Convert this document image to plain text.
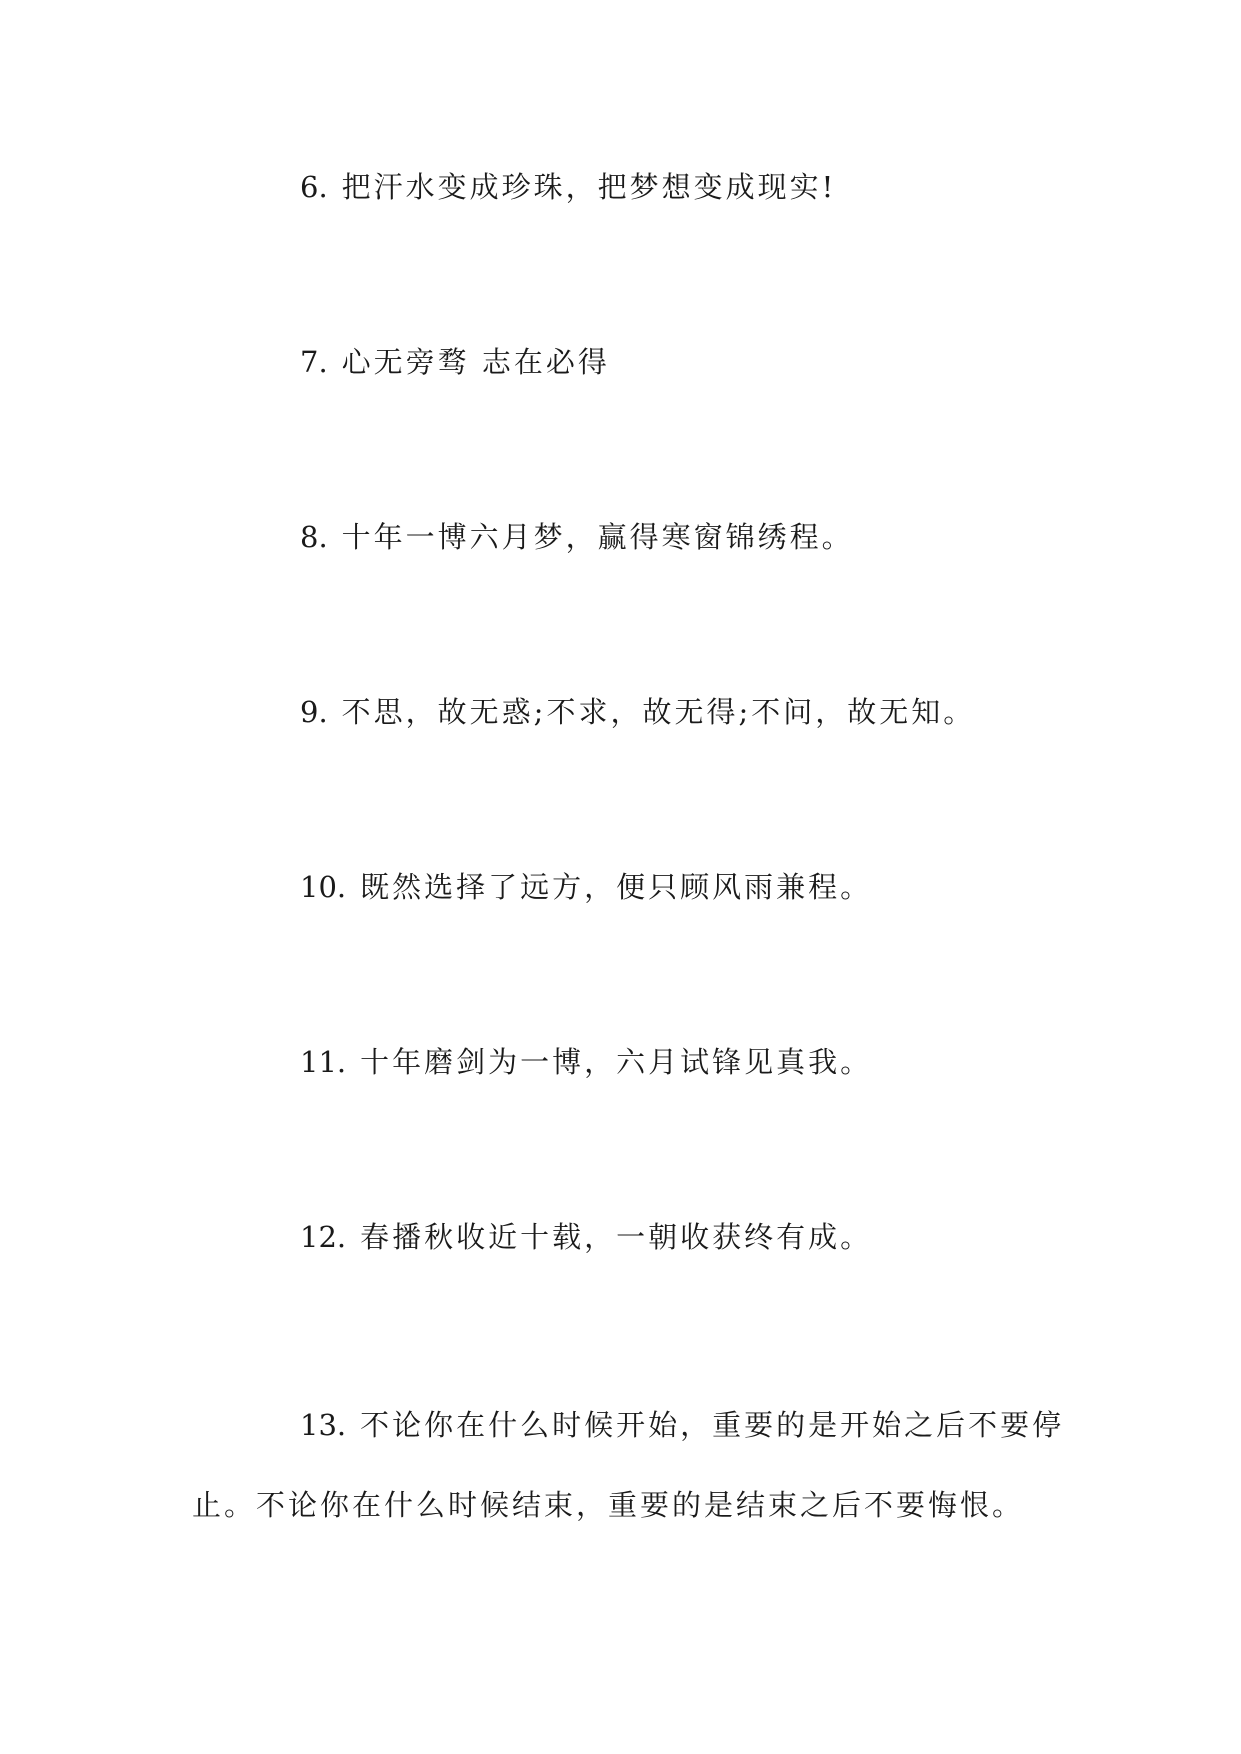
6. 把汗水变成珍珠，把梦想变成现实!
7. 心无旁骛 志在必得
8. 十年一博六月梦，赢得寒窗锦绣程。
9. 不思，故无惑;不求，故无得;不问，故无知。
10. 既然选择了远方，便只顾风雨兼程。
11. 十年磨剑为一博，六月试锋见真我。
12. 春播秋收近十载，一朝收获终有成。
13. 不论你在什么时候开始，重要的是开始之后不要停止。不论你在什么时候结束，重要的是结束之后不要悔恨。
